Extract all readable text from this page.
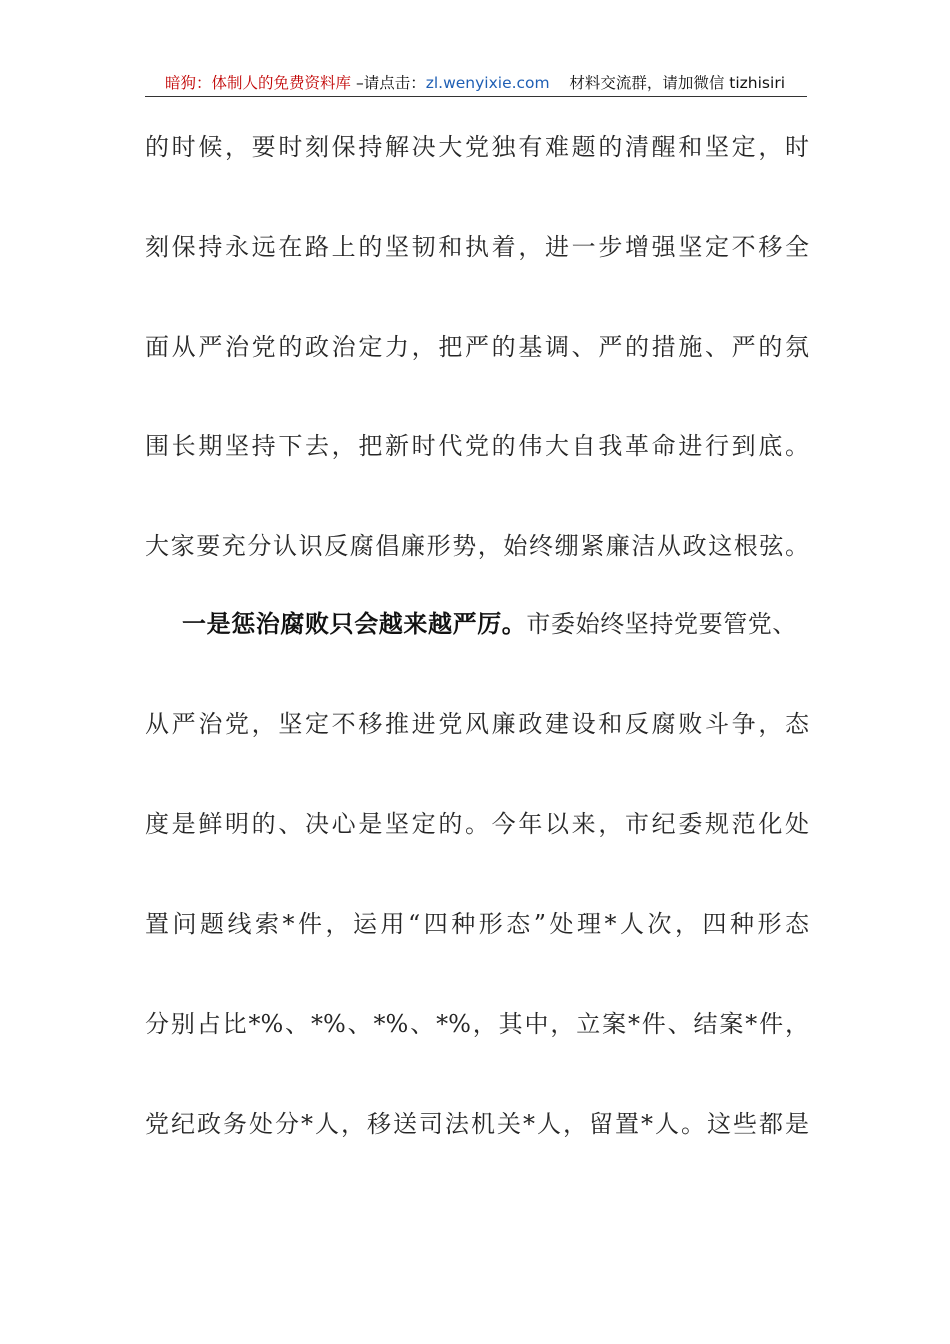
暗狗：体制人的免费资料库 –请点击：zl.wenyixie.com 材料交流群，请加微信 tizhisiri
的时候，要时刻保持解决大党独有难题的清醒和坚定，时
刻保持永远在路上的坚韧和执着，进一步增强坚定不移全
面从严治党的政治定力，把严的基调、严的措施、严的氛
围长期坚持下去，把新时代党的伟大自我革命进行到底。
大家要充分认识反腐倡廉形势，始终绷紧廉洁从政这根弦。
一是惩治腐败只会越来越严厉。市委始终坚持党要管党、
从严治党，坚定不移推进党风廉政建设和反腐败斗争，态
度是鲜明的、决心是坚定的。今年以来，市纪委规范化处
置问题线索*件，运用“四种形态”处理*人次，四种形态
分别占比*%、*%、*%、*%，其中，立案*件、结案*件，
党纪政务处分*人，移送司法机关*人，留置*人。这些都是
